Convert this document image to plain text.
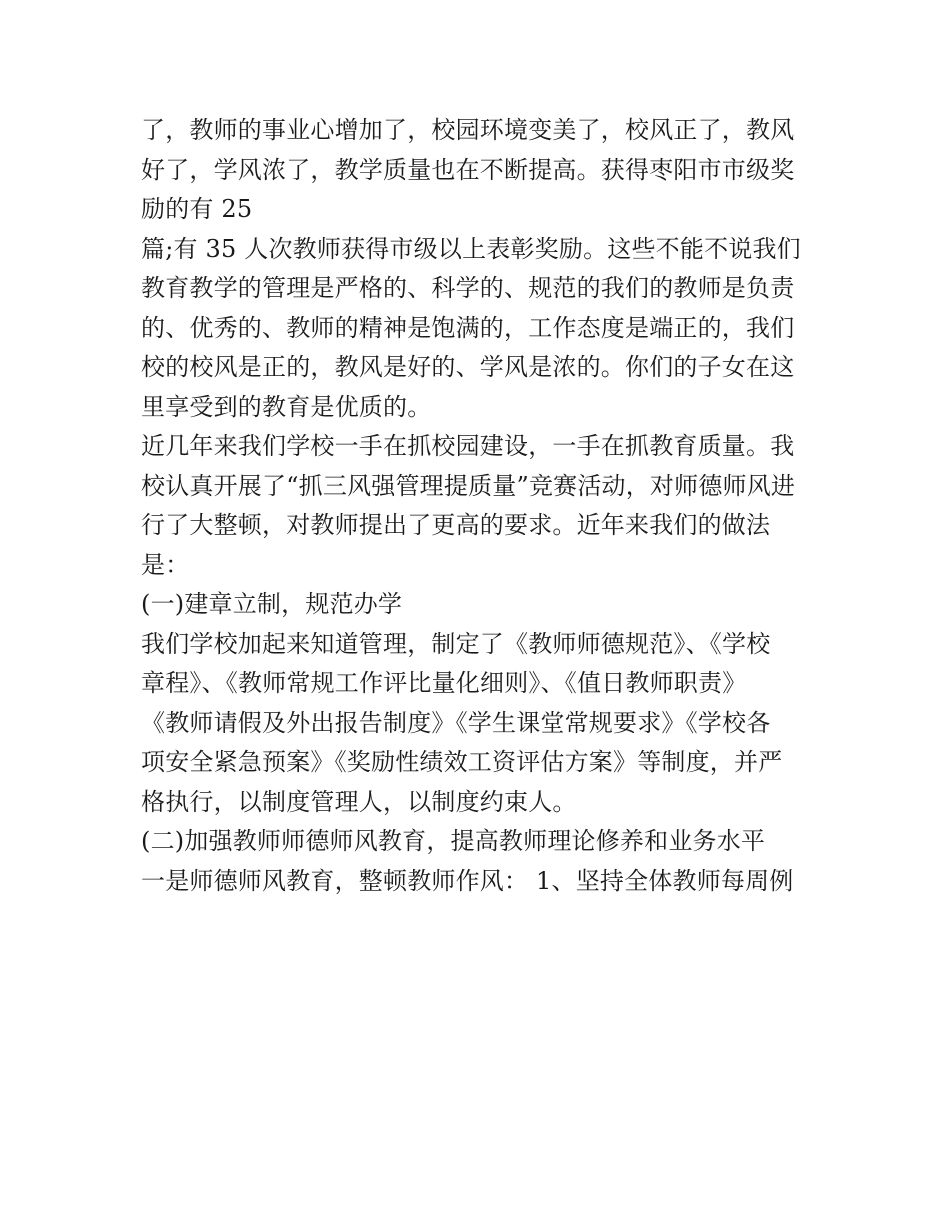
了，教师的事业心增加了，校园环境变美了，校风正了，教风

好了，学风浓了，教学质量也在不断提高。获得枣阳市市级奖

励的有 25

篇;有 35 人次教师获得市级以上表彰奖励。这些不能不说我们

教育教学的管理是严格的、科学的、规范的我们的教师是负责

的、优秀的、教师的精神是饱满的，工作态度是端正的，我们

校的校风是正的，教风是好的、学风是浓的。你们的子女在这

里享受到的教育是优质的。

近几年来我们学校一手在抓校园建设，一手在抓教育质量。我

校认真开展了“抓三风强管理提质量”竞赛活动，对师德师风进

行了大整顿，对教师提出了更高的要求。近年来我们的做法

是：

(一)建章立制，规范办学

我们学校加起来知道管理，制定了《教师师德规范》、《学校

章程》、《教师常规工作评比量化细则》、《值日教师职责》

《教师请假及外出报告制度》《学生课堂常规要求》《学校各

项安全紧急预案》《奖励性绩效工资评估方案》等制度，并严

格执行，以制度管理人，以制度约束人。

(二)加强教师师德师风教育，提高教师理论修养和业务水平

一是师德师风教育，整顿教师作风： 1、坚持全体教师每周例
